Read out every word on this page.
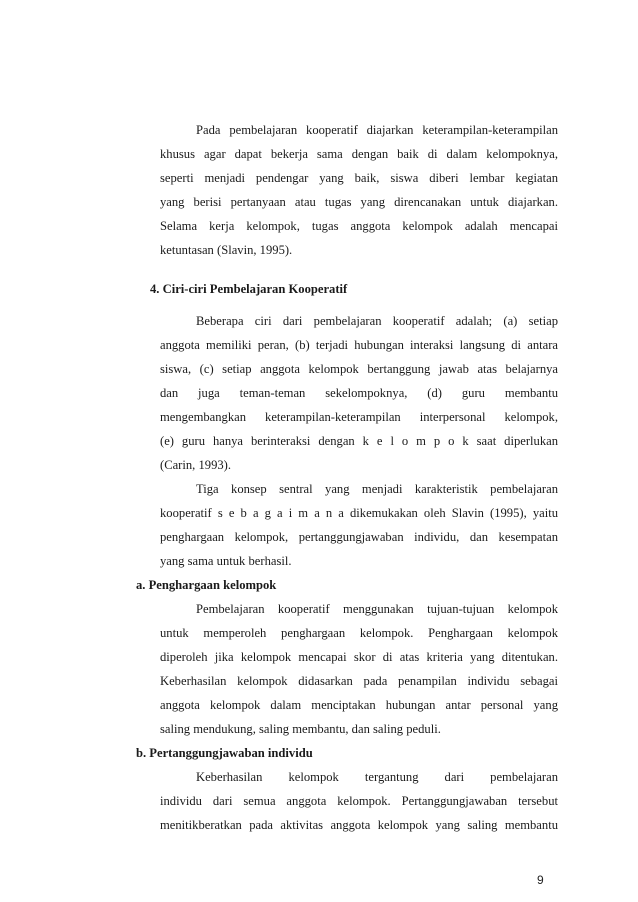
Pada pembelajaran kooperatif diajarkan keterampilan-keterampilan
khusus agar dapat bekerja sama dengan baik di dalam kelompoknya,
seperti menjadi pendengar yang baik, siswa diberi lembar kegiatan
yang berisi pertanyaan atau tugas yang direncanakan untuk diajarkan.
Selama kerja kelompok, tugas anggota kelompok adalah mencapai
ketuntasan (Slavin, 1995).
4. Ciri-ciri Pembelajaran Kooperatif
Beberapa ciri dari pembelajaran kooperatif adalah; (a) setiap
anggota memiliki peran, (b) terjadi hubungan interaksi langsung di antara
siswa, (c) setiap anggota kelompok bertanggung jawab atas belajarnya
dan juga teman-teman sekelompoknya, (d) guru membantu
mengembangkan keterampilan-keterampilan interpersonal kelompok,
(e) guru hanya berinteraksi dengan k e l o m p o k saat diperlukan
(Carin, 1993).
Tiga konsep sentral yang menjadi karakteristik pembelajaran
kooperatif s e b a g a i m a n a dikemukakan oleh Slavin (1995), yaitu
penghargaan kelompok, pertanggungjawaban individu, dan kesempatan
yang sama untuk berhasil.
a. Penghargaan kelompok
Pembelajaran kooperatif menggunakan tujuan-tujuan kelompok
untuk memperoleh penghargaan kelompok. Penghargaan kelompok
diperoleh jika kelompok mencapai skor di atas kriteria yang ditentukan.
Keberhasilan kelompok didasarkan pada penampilan individu sebagai
anggota kelompok dalam menciptakan hubungan antar personal yang
saling mendukung, saling membantu, dan saling peduli.
b. Pertanggungjawaban individu
Keberhasilan kelompok tergantung dari pembelajaran
individu dari semua anggota kelompok. Pertanggungjawaban tersebut
menitikberatkan pada aktivitas anggota kelompok yang saling membantu
9
